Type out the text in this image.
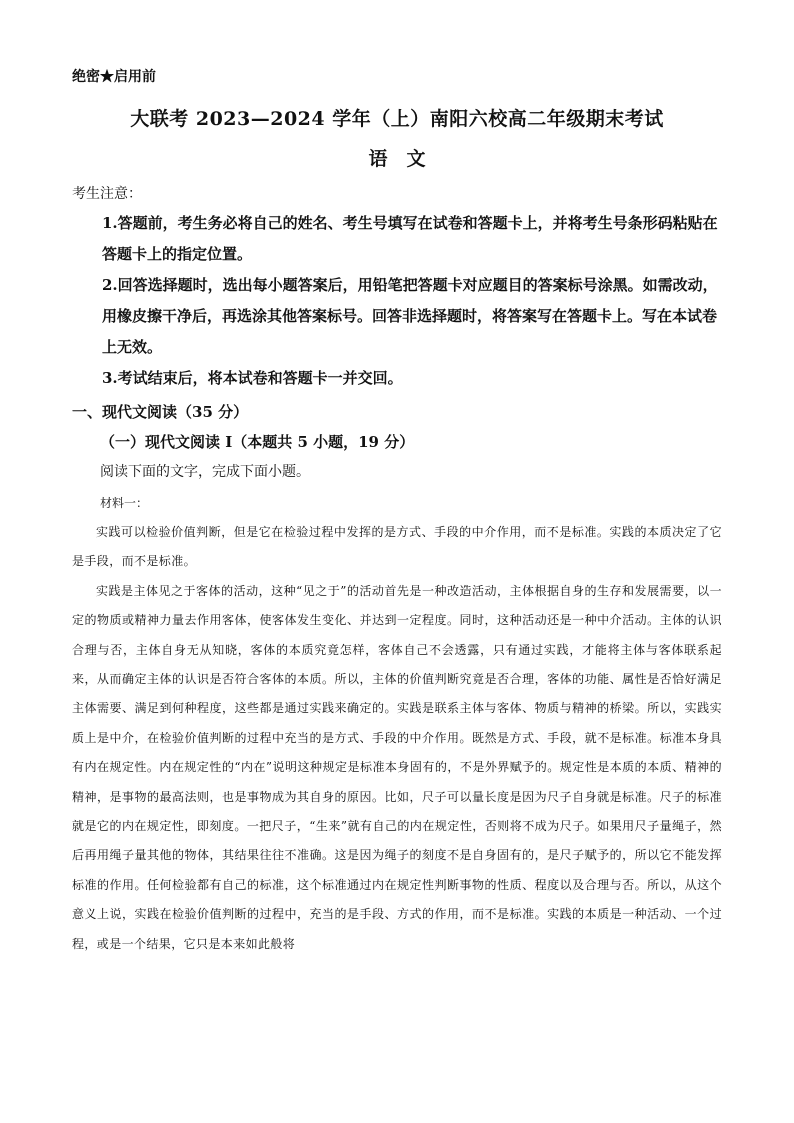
绝密★启用前
大联考 2023—2024 学年（上）南阳六校高二年级期末考试
语　文
考生注意：
1.答题前，考生务必将自己的姓名、考生号填写在试卷和答题卡上，并将考生号条形码粘贴在答题卡上的指定位置。
2.回答选择题时，选出每小题答案后，用铅笔把答题卡对应题目的答案标号涂黑。如需改动，用橡皮擦干净后，再选涂其他答案标号。回答非选择题时，将答案写在答题卡上。写在本试卷上无效。
3.考试结束后，将本试卷和答题卡一并交回。
一、现代文阅读（35 分）
（一）现代文阅读 I（本题共 5 小题，19 分）
阅读下面的文字，完成下面小题。
材料一：

实践可以检验价值判断，但是它在检验过程中发挥的是方式、手段的中介作用，而不是标准。实践的本质决定了它是手段，而不是标准。

实践是主体见之于客体的活动，这种“见之于”的活动首先是一种改造活动，主体根据自身的生存和发展需要，以一定的物质或精神力量去作用客体，使客体发生变化、并达到一定程度。同时，这种活动还是一种中介活动。主体的认识合理与否，主体自身无从知晓，客体的本质究竟怎样，客体自己不会透露，只有通过实践，才能将主体与客体联系起来，从而确定主体的认识是否符合客体的本质。所以，主体的价值判断究竟是否合理，客体的功能、属性是否恰好满足主体需要、满足到何种程度，这些都是通过实践来确定的。实践是联系主体与客体、物质与精神的桥梁。所以，实践实质上是中介，在检验价值判断的过程中充当的是方式、手段的中介作用。既然是方式、手段，就不是标准。标准本身具有内在规定性。内在规定性的“内在”说明这种规定是标准本身固有的，不是外界赋予的。规定性是本质的本质、精神的精神，是事物的最高法则，也是事物成为其自身的原因。比如，尺子可以量长度是因为尺子自身就是标准。尺子的标准就是它的内在规定性，即刻度。一把尺子，“生来”就有自己的内在规定性，否则将不成为尺子。如果用尺子量绳子，然后再用绳子量其他的物体，其结果往往不准确。这是因为绳子的刻度不是自身固有的，是尺子赋予的，所以它不能发挥标准的作用。任何检验都有自己的标准，这个标准通过内在规定性判断事物的性质、程度以及合理与否。所以，从这个意义上说，实践在检验价值判断的过程中，充当的是手段、方式的作用，而不是标准。实践的本质是一种活动、一个过程，或是一个结果，它只是本来如此般将
